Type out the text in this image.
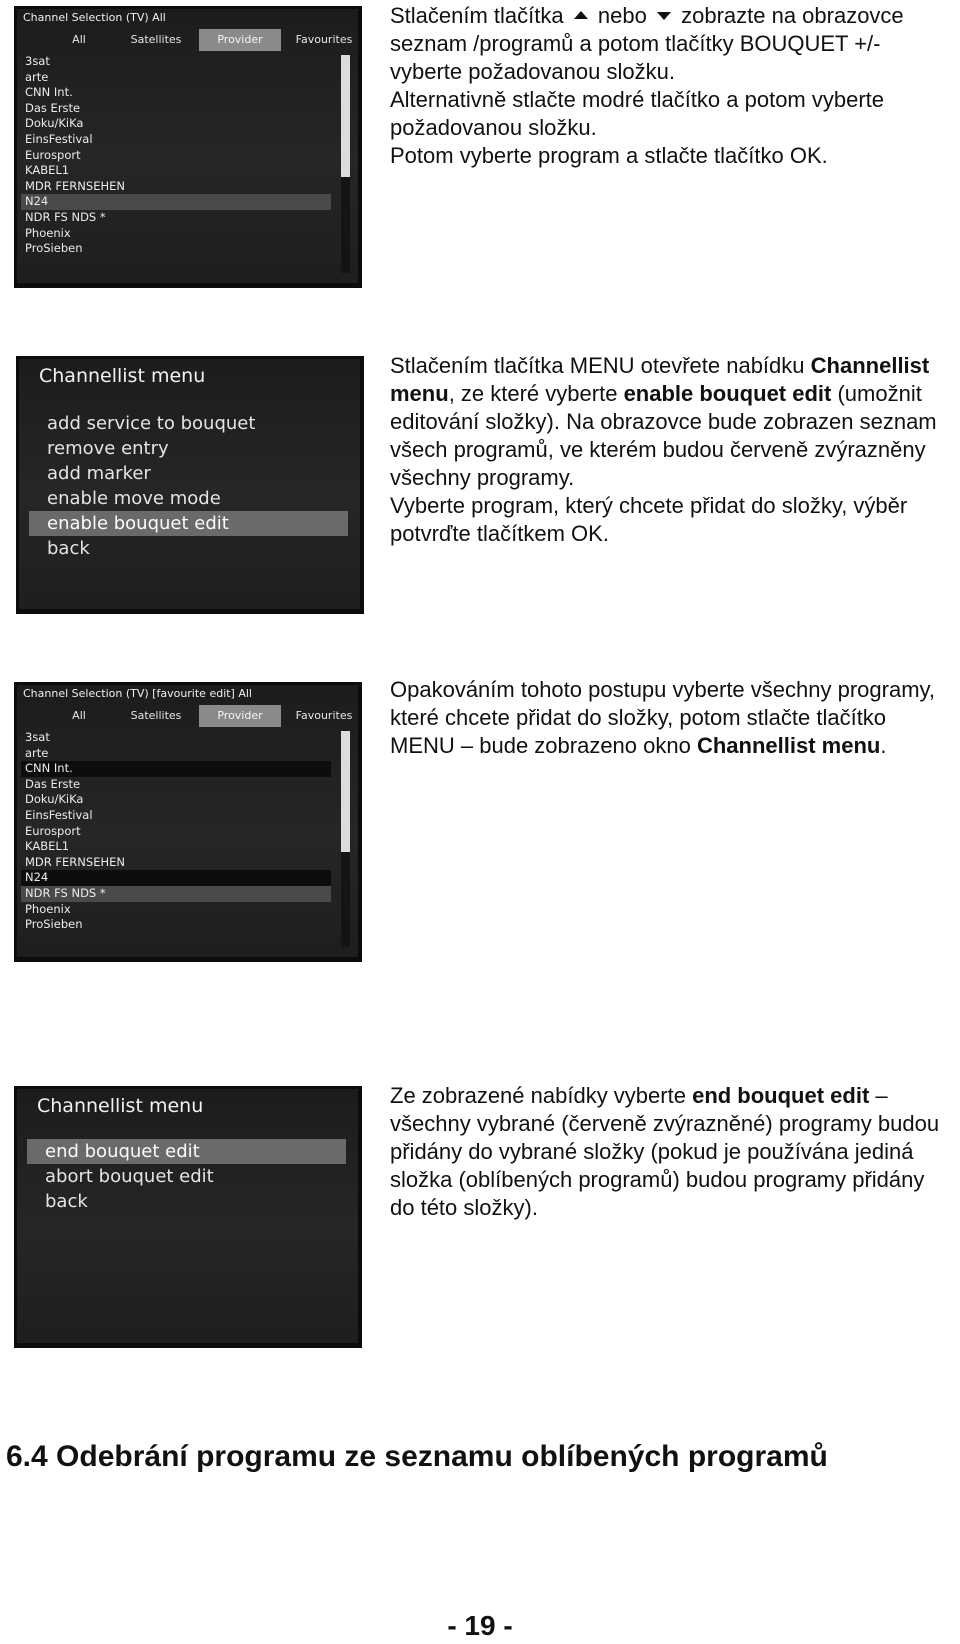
Channel Selection (TV) All
All	Satellites	Provider	Favourites
3sat
arte
CNN Int.
Das Erste
Doku/KiKa
EinsFestival
Eurosport
KABEL1
MDR FERNSEHEN
N24
NDR FS NDS *
Phoenix
ProSieben

Stlačením tlačítka nebo zobrazte na obrazovce seznam /programů a potom tlačítky BOUQUET +/- vyberte požadovanou složku.

Alternativně stlačte modré tlačítko a potom vyberte požadovanou složku.

Potom vyberte program a stlačte tlačítko OK.

Channellist menu
add service to bouquet
remove entry
add marker
enable move mode
enable bouquet edit
back

Stlačením tlačítka MENU otevřete nabídku Channellist menu, ze které vyberte enable bouquet edit (umožnit editování složky). Na obrazovce bude zobrazen seznam všech programů, ve kterém budou červeně zvýrazněny všechny programy.

Vyberte program, který chcete přidat do složky, výběr potvrďte tlačítkem OK.

Channel Selection (TV) [favourite edit] All
All	Satellites	Provider	Favourites
3sat
arte
CNN Int.
Das Erste
Doku/KiKa
EinsFestival
Eurosport
KABEL1
MDR FERNSEHEN
N24
NDR FS NDS *
Phoenix
ProSieben

Opakováním tohoto postupu vyberte všechny programy, které chcete přidat do složky, potom stlačte tlačítko MENU – bude zobrazeno okno Channellist menu.

Channellist menu
end bouquet edit
abort bouquet edit
back

Ze zobrazené nabídky vyberte end bouquet edit – všechny vybrané (červeně zvýrazněné) programy budou přidány do vybrané složky (pokud je používána jediná složka (oblíbených programů) budou programy přidány do této složky).

6.4 Odebrání programu ze seznamu oblíbených programů
- 19 -
